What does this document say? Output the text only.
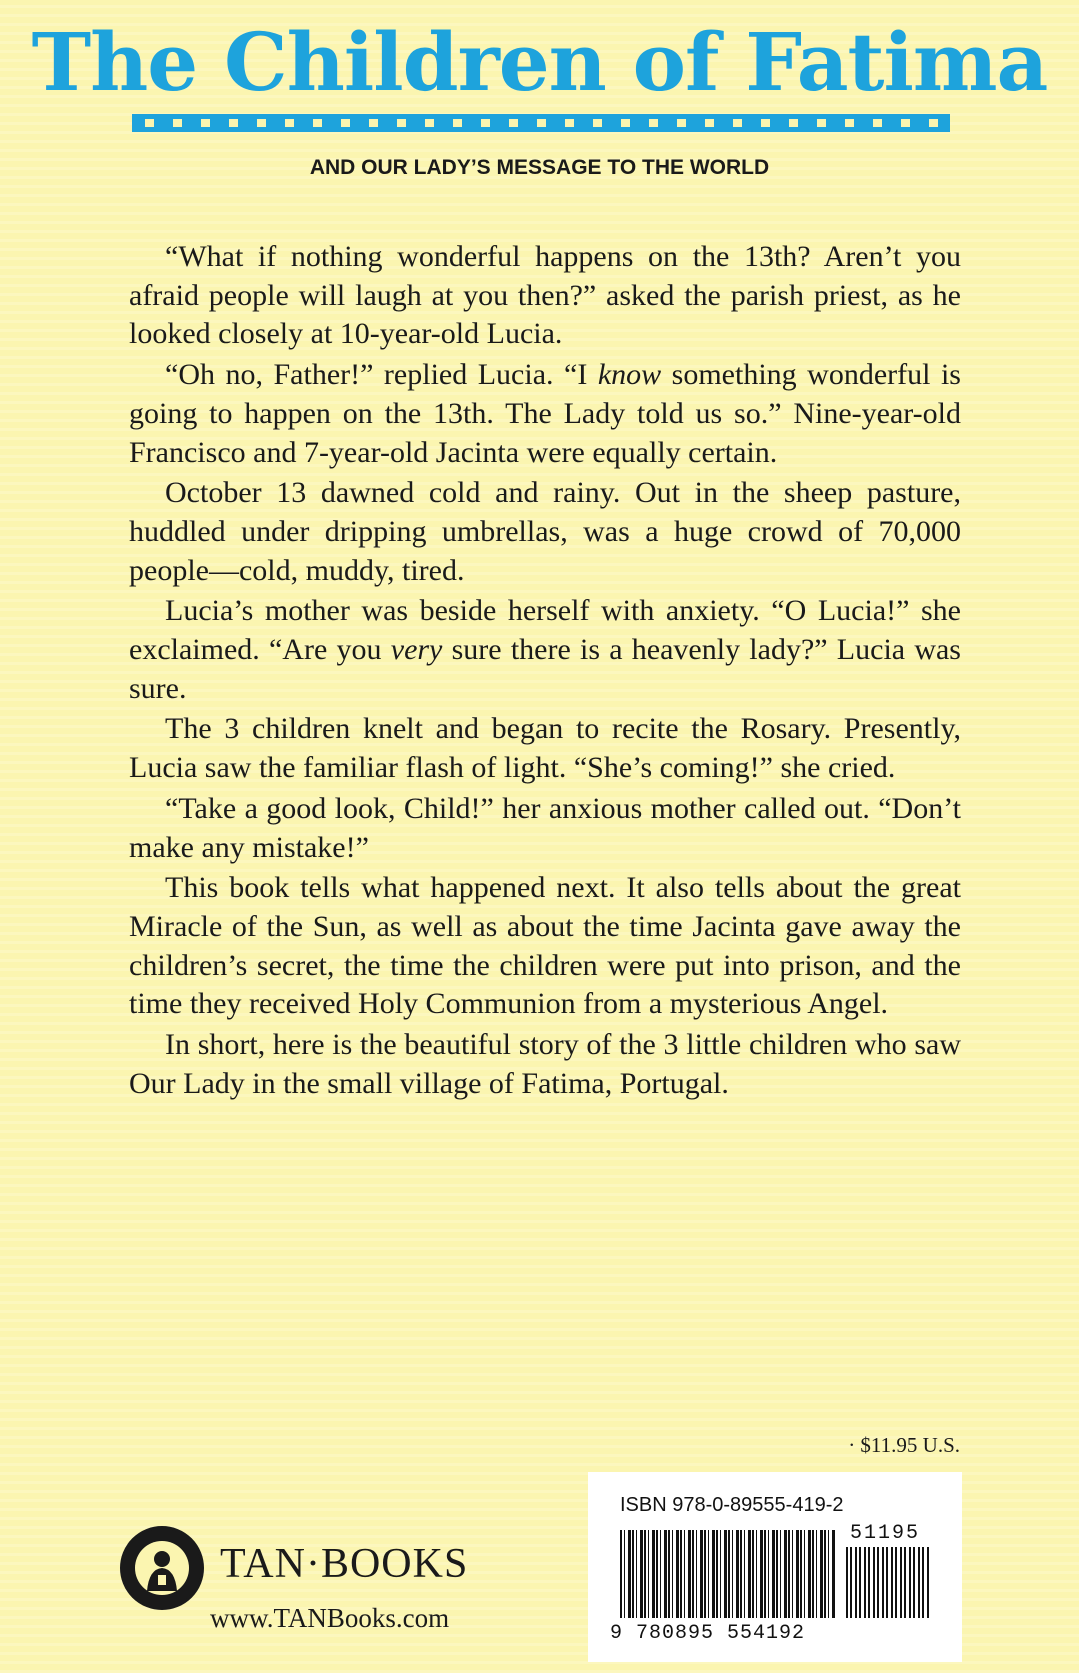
The Children of Fatima
AND OUR LADY’S MESSAGE TO THE WORLD

“What if nothing wonderful happens on the 13th? Aren’t you afraid people will laugh at you then?” asked the parish priest, as he looked closely at 10-year-old Lucia.

“Oh no, Father!” replied Lucia. “I know something wonderful is going to happen on the 13th. The Lady told us so.” Nine-year-old Francisco and 7-year-old Jacinta were equally certain.

October 13 dawned cold and rainy. Out in the sheep pasture, huddled under dripping umbrellas, was a huge crowd of 70,000 people—cold, muddy, tired.

Lucia’s mother was beside herself with anxiety. “O Lucia!” she exclaimed. “Are you very sure there is a heavenly lady?” Lucia was sure.

The 3 children knelt and began to recite the Rosary. Presently, Lucia saw the familiar flash of light. “She’s coming!” she cried.

“Take a good look, Child!” her anxious mother called out. “Don’t make any mistake!”

This book tells what happened next. It also tells about the great Miracle of the Sun, as well as about the time Jacinta gave away the children’s secret, the time the children were put into prison, and the time they received Holy Communion from a mysterious Angel.

In short, here is the beautiful story of the 3 little children who saw Our Lady in the small village of Fatima, Portugal.

· $11.95 U.S.
ISBN 978-0-89555-419-2
51195
9 780895 554192
TAN·BOOKS
www.TANBooks.com
